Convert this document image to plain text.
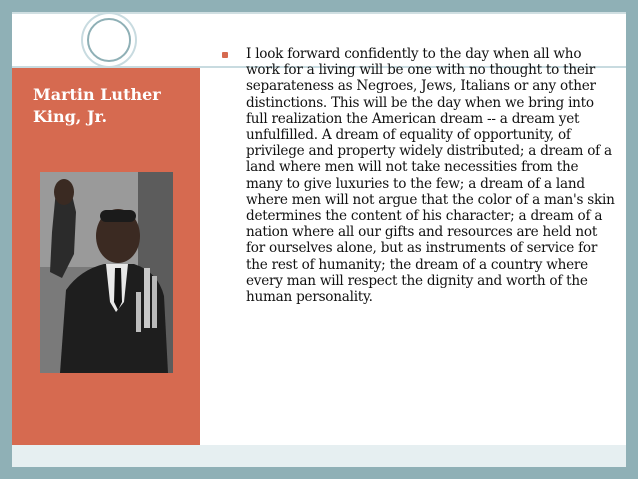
Martin Luther King, Jr.
I look forward confidently to the day when all who work for a living will be one with no thought to their separateness as Negroes, Jews, Italians or any other distinctions. This will be the day when we bring into full realization the American dream -- a dream yet unfulfilled. A dream of equality of opportunity, of privilege and property widely distributed; a dream of a land where men will not take necessities from the many to give luxuries to the few; a dream of a land where men will not argue that the color of a man's skin determines the content of his character; a dream of a nation where all our gifts and resources are held not for ourselves alone, but as instruments of service for the rest of humanity; the dream of a country where every man will respect the dignity and worth of the human personality.
